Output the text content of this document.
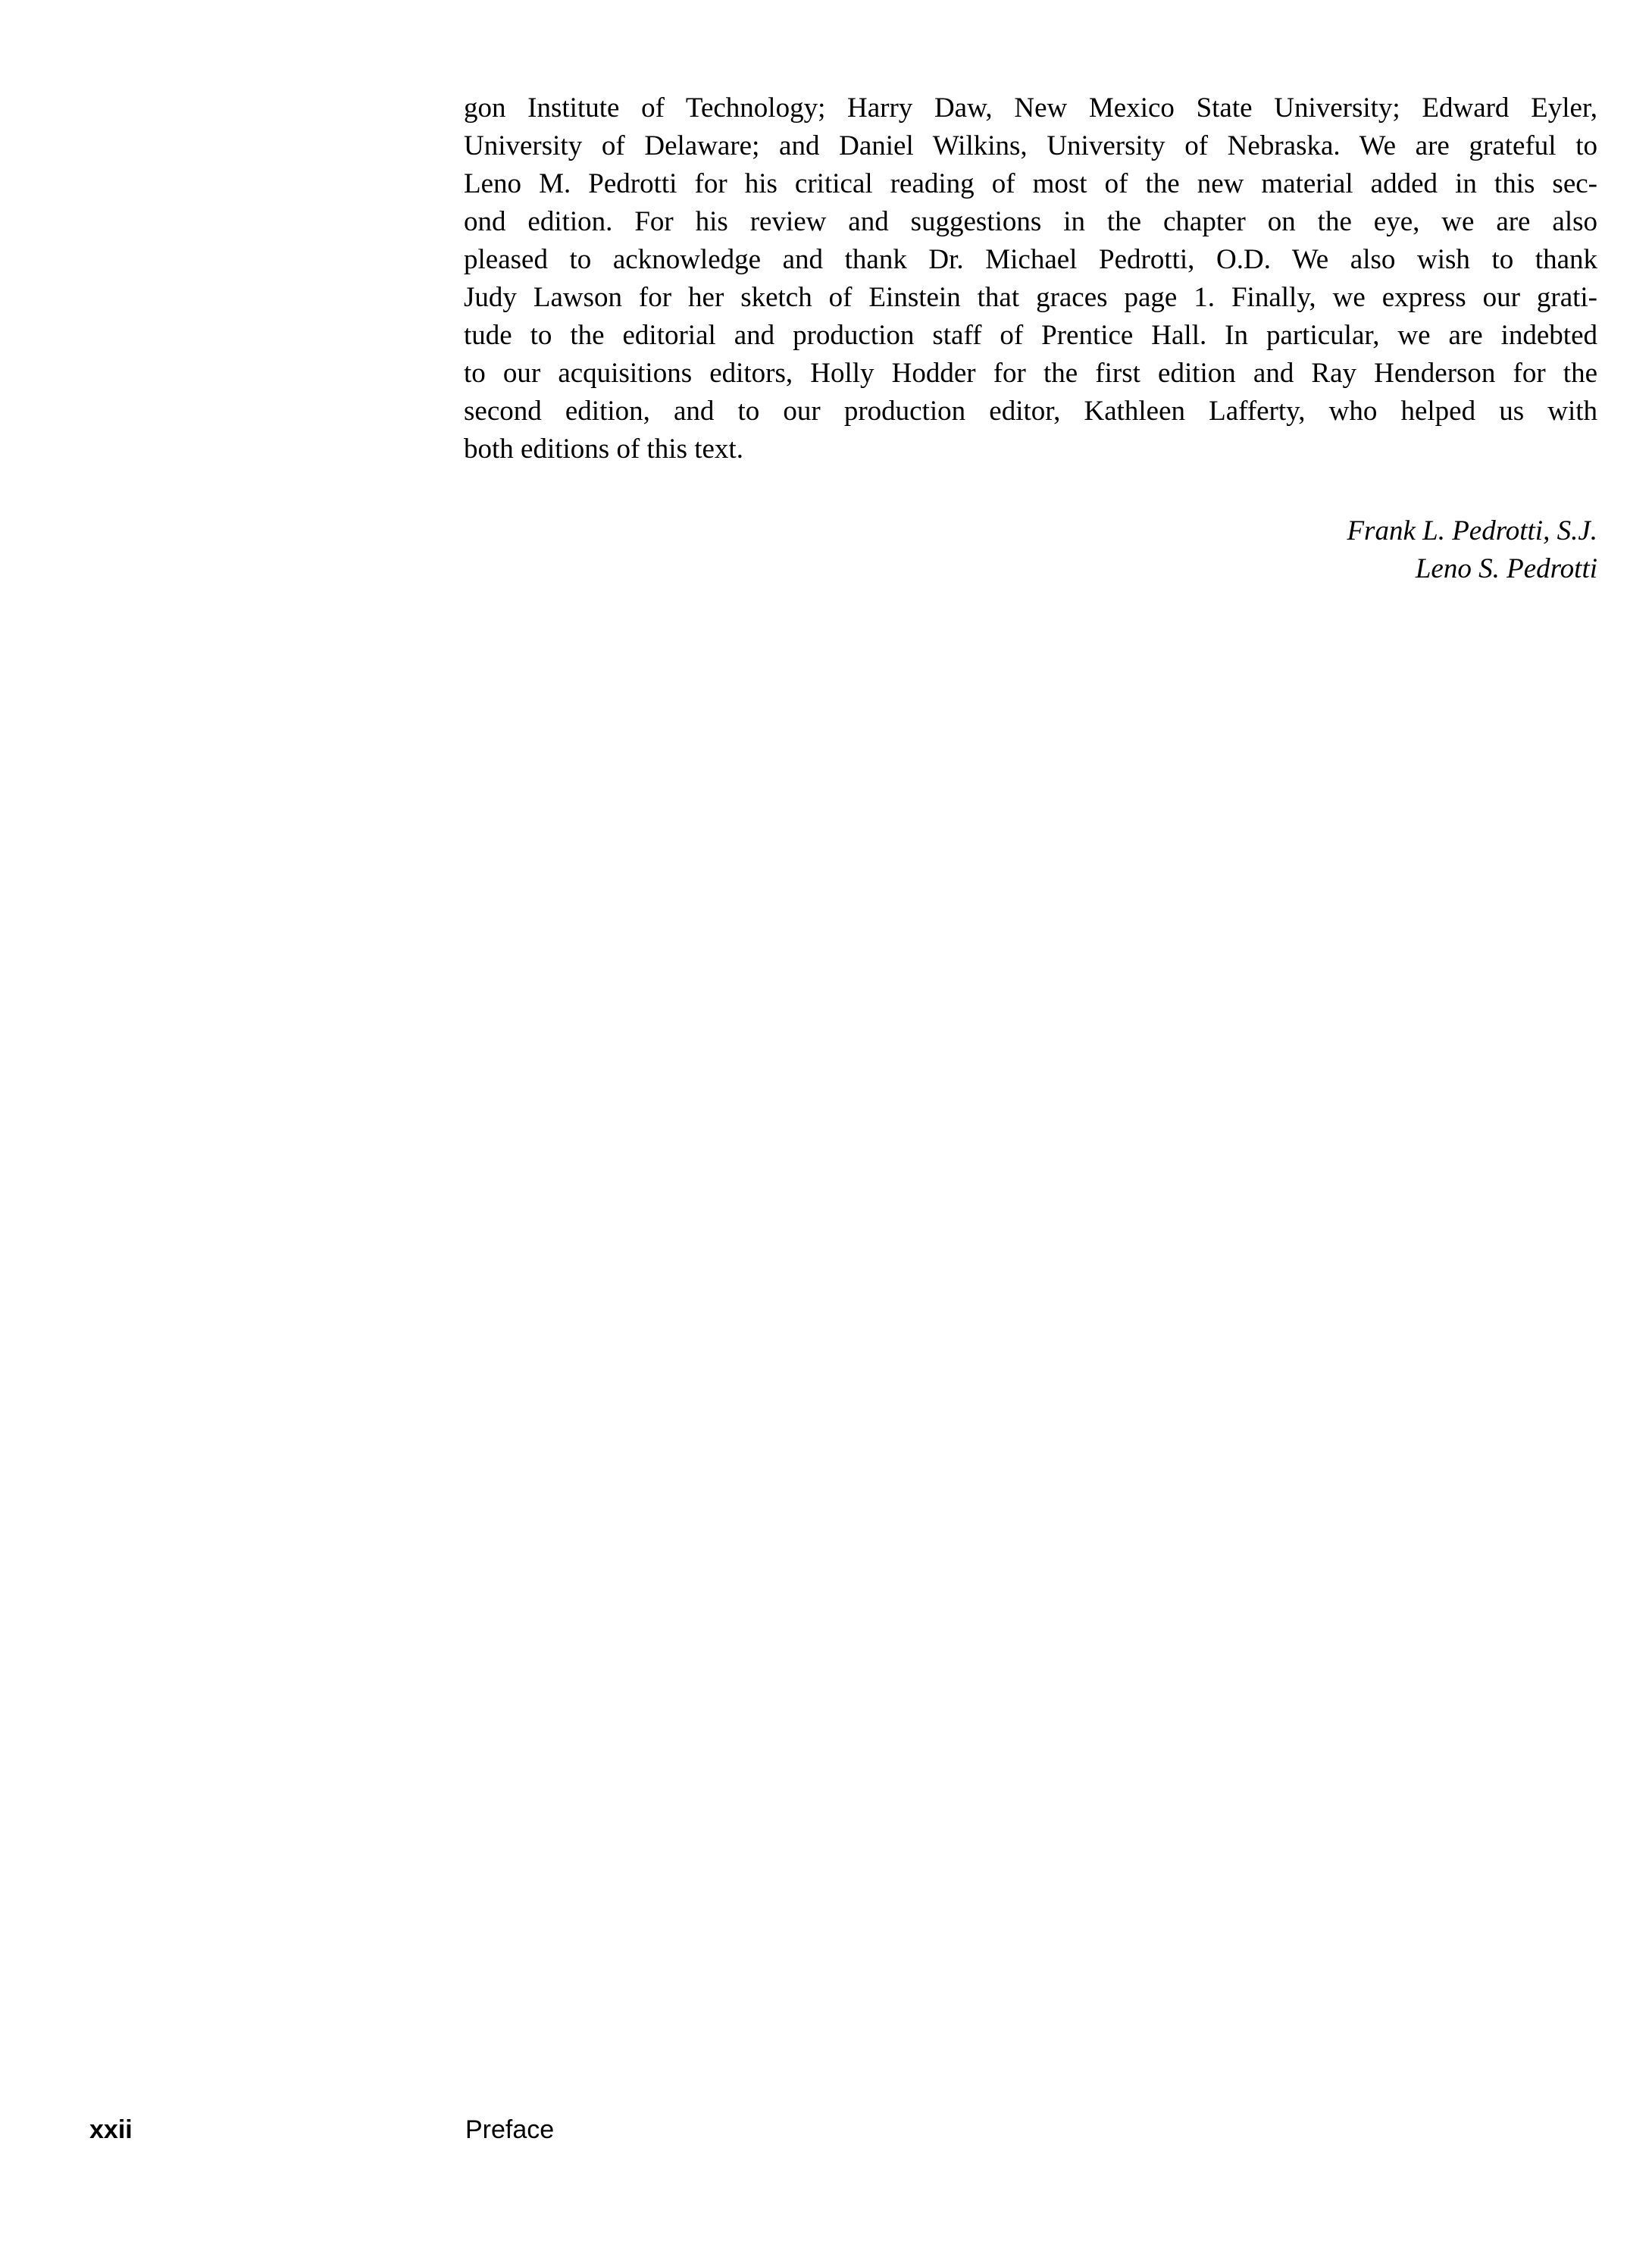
gon Institute of Technology; Harry Daw, New Mexico State University; Edward Eyler,
University of Delaware; and Daniel Wilkins, University of Nebraska. We are grateful to
Leno M. Pedrotti for his critical reading of most of the new material added in this sec-
ond edition. For his review and suggestions in the chapter on the eye, we are also
pleased to acknowledge and thank Dr. Michael Pedrotti, O.D. We also wish to thank
Judy Lawson for her sketch of Einstein that graces page 1. Finally, we express our grati-
tude to the editorial and production staff of Prentice Hall. In particular, we are indebted
to our acquisitions editors, Holly Hodder for the first edition and Ray Henderson for the
second edition, and to our production editor, Kathleen Lafferty, who helped us with
both editions of this text.
Frank L. Pedrotti, S.J.
Leno S. Pedrotti
xxii	Preface
